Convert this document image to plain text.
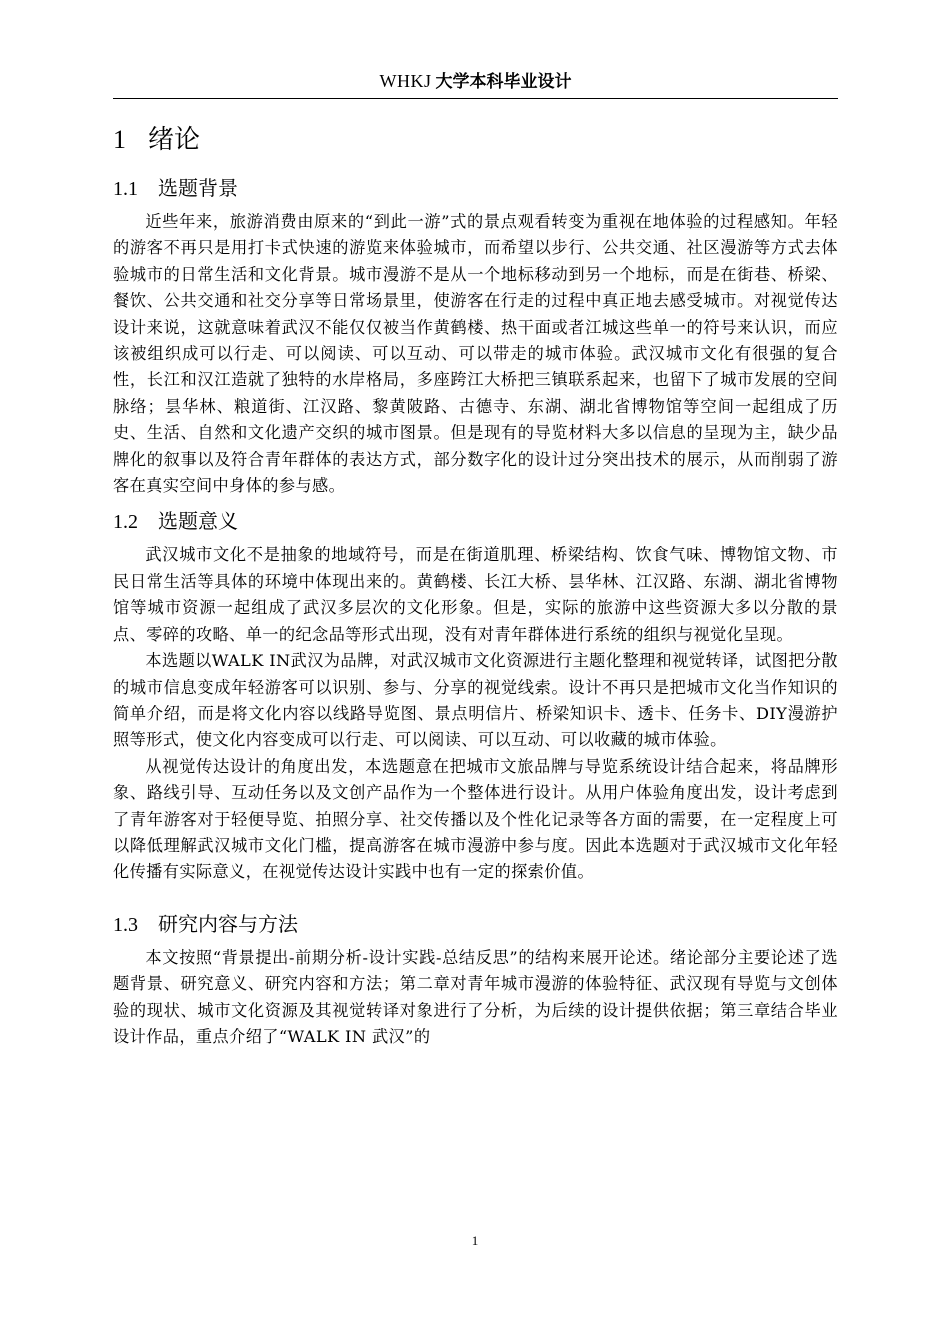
WHKJ 大学本科毕业设计
1 绪论
1.1 选题背景

近些年来，旅游消费由原来的“到此一游”式的景点观看转变为重视在地体验的过程感知。年轻的游客不再只是用打卡式快速的游览来体验城市，而希望以步行、公共交通、社区漫游等方式去体验城市的日常生活和文化背景。城市漫游不是从一个地标移动到另一个地标，而是在街巷、桥梁、餐饮、公共交通和社交分享等日常场景里，使游客在行走的过程中真正地去感受城市。对视觉传达设计来说，这就意味着武汉不能仅仅被当作黄鹤楼、热干面或者江城这些单一的符号来认识，而应该被组织成可以行走、可以阅读、可以互动、可以带走的城市体验。武汉城市文化有很强的复合性，长江和汉江造就了独特的水岸格局，多座跨江大桥把三镇联系起来，也留下了城市发展的空间脉络；昙华林、粮道街、江汉路、黎黄陂路、古德寺、东湖、湖北省博物馆等空间一起组成了历史、生活、自然和文化遗产交织的城市图景。但是现有的导览材料大多以信息的呈现为主，缺少品牌化的叙事以及符合青年群体的表达方式，部分数字化的设计过分突出技术的展示，从而削弱了游客在真实空间中身体的参与感。

1.2 选题意义

武汉城市文化不是抽象的地域符号，而是在街道肌理、桥梁结构、饮食气味、博物馆文物、市民日常生活等具体的环境中体现出来的。黄鹤楼、长江大桥、昙华林、江汉路、东湖、湖北省博物馆等城市资源一起组成了武汉多层次的文化形象。但是，实际的旅游中这些资源大多以分散的景点、零碎的攻略、单一的纪念品等形式出现，没有对青年群体进行系统的组织与视觉化呈现。

本选题以WALK IN武汉为品牌，对武汉城市文化资源进行主题化整理和视觉转译，试图把分散的城市信息变成年轻游客可以识别、参与、分享的视觉线索。设计不再只是把城市文化当作知识的简单介绍，而是将文化内容以线路导览图、景点明信片、桥梁知识卡、透卡、任务卡、DIY漫游护照等形式，使文化内容变成可以行走、可以阅读、可以互动、可以收藏的城市体验。

从视觉传达设计的角度出发，本选题意在把城市文旅品牌与导览系统设计结合起来，将品牌形象、路线引导、互动任务以及文创产品作为一个整体进行设计。从用户体验角度出发，设计考虑到了青年游客对于轻便导览、拍照分享、社交传播以及个性化记录等各方面的需要，在一定程度上可以降低理解武汉城市文化门槛，提高游客在城市漫游中参与度。因此本选题对于武汉城市文化年轻化传播有实际意义，在视觉传达设计实践中也有一定的探索价值。

1.3 研究内容与方法

本文按照“背景提出-前期分析-设计实践-总结反思”的结构来展开论述。绪论部分主要论述了选题背景、研究意义、研究内容和方法；第二章对青年城市漫游的体验特征、武汉现有导览与文创体验的现状、城市文化资源及其视觉转译对象进行了分析，为后续的设计提供依据；第三章结合毕业设计作品，重点介绍了“WALK IN 武汉”的

1
